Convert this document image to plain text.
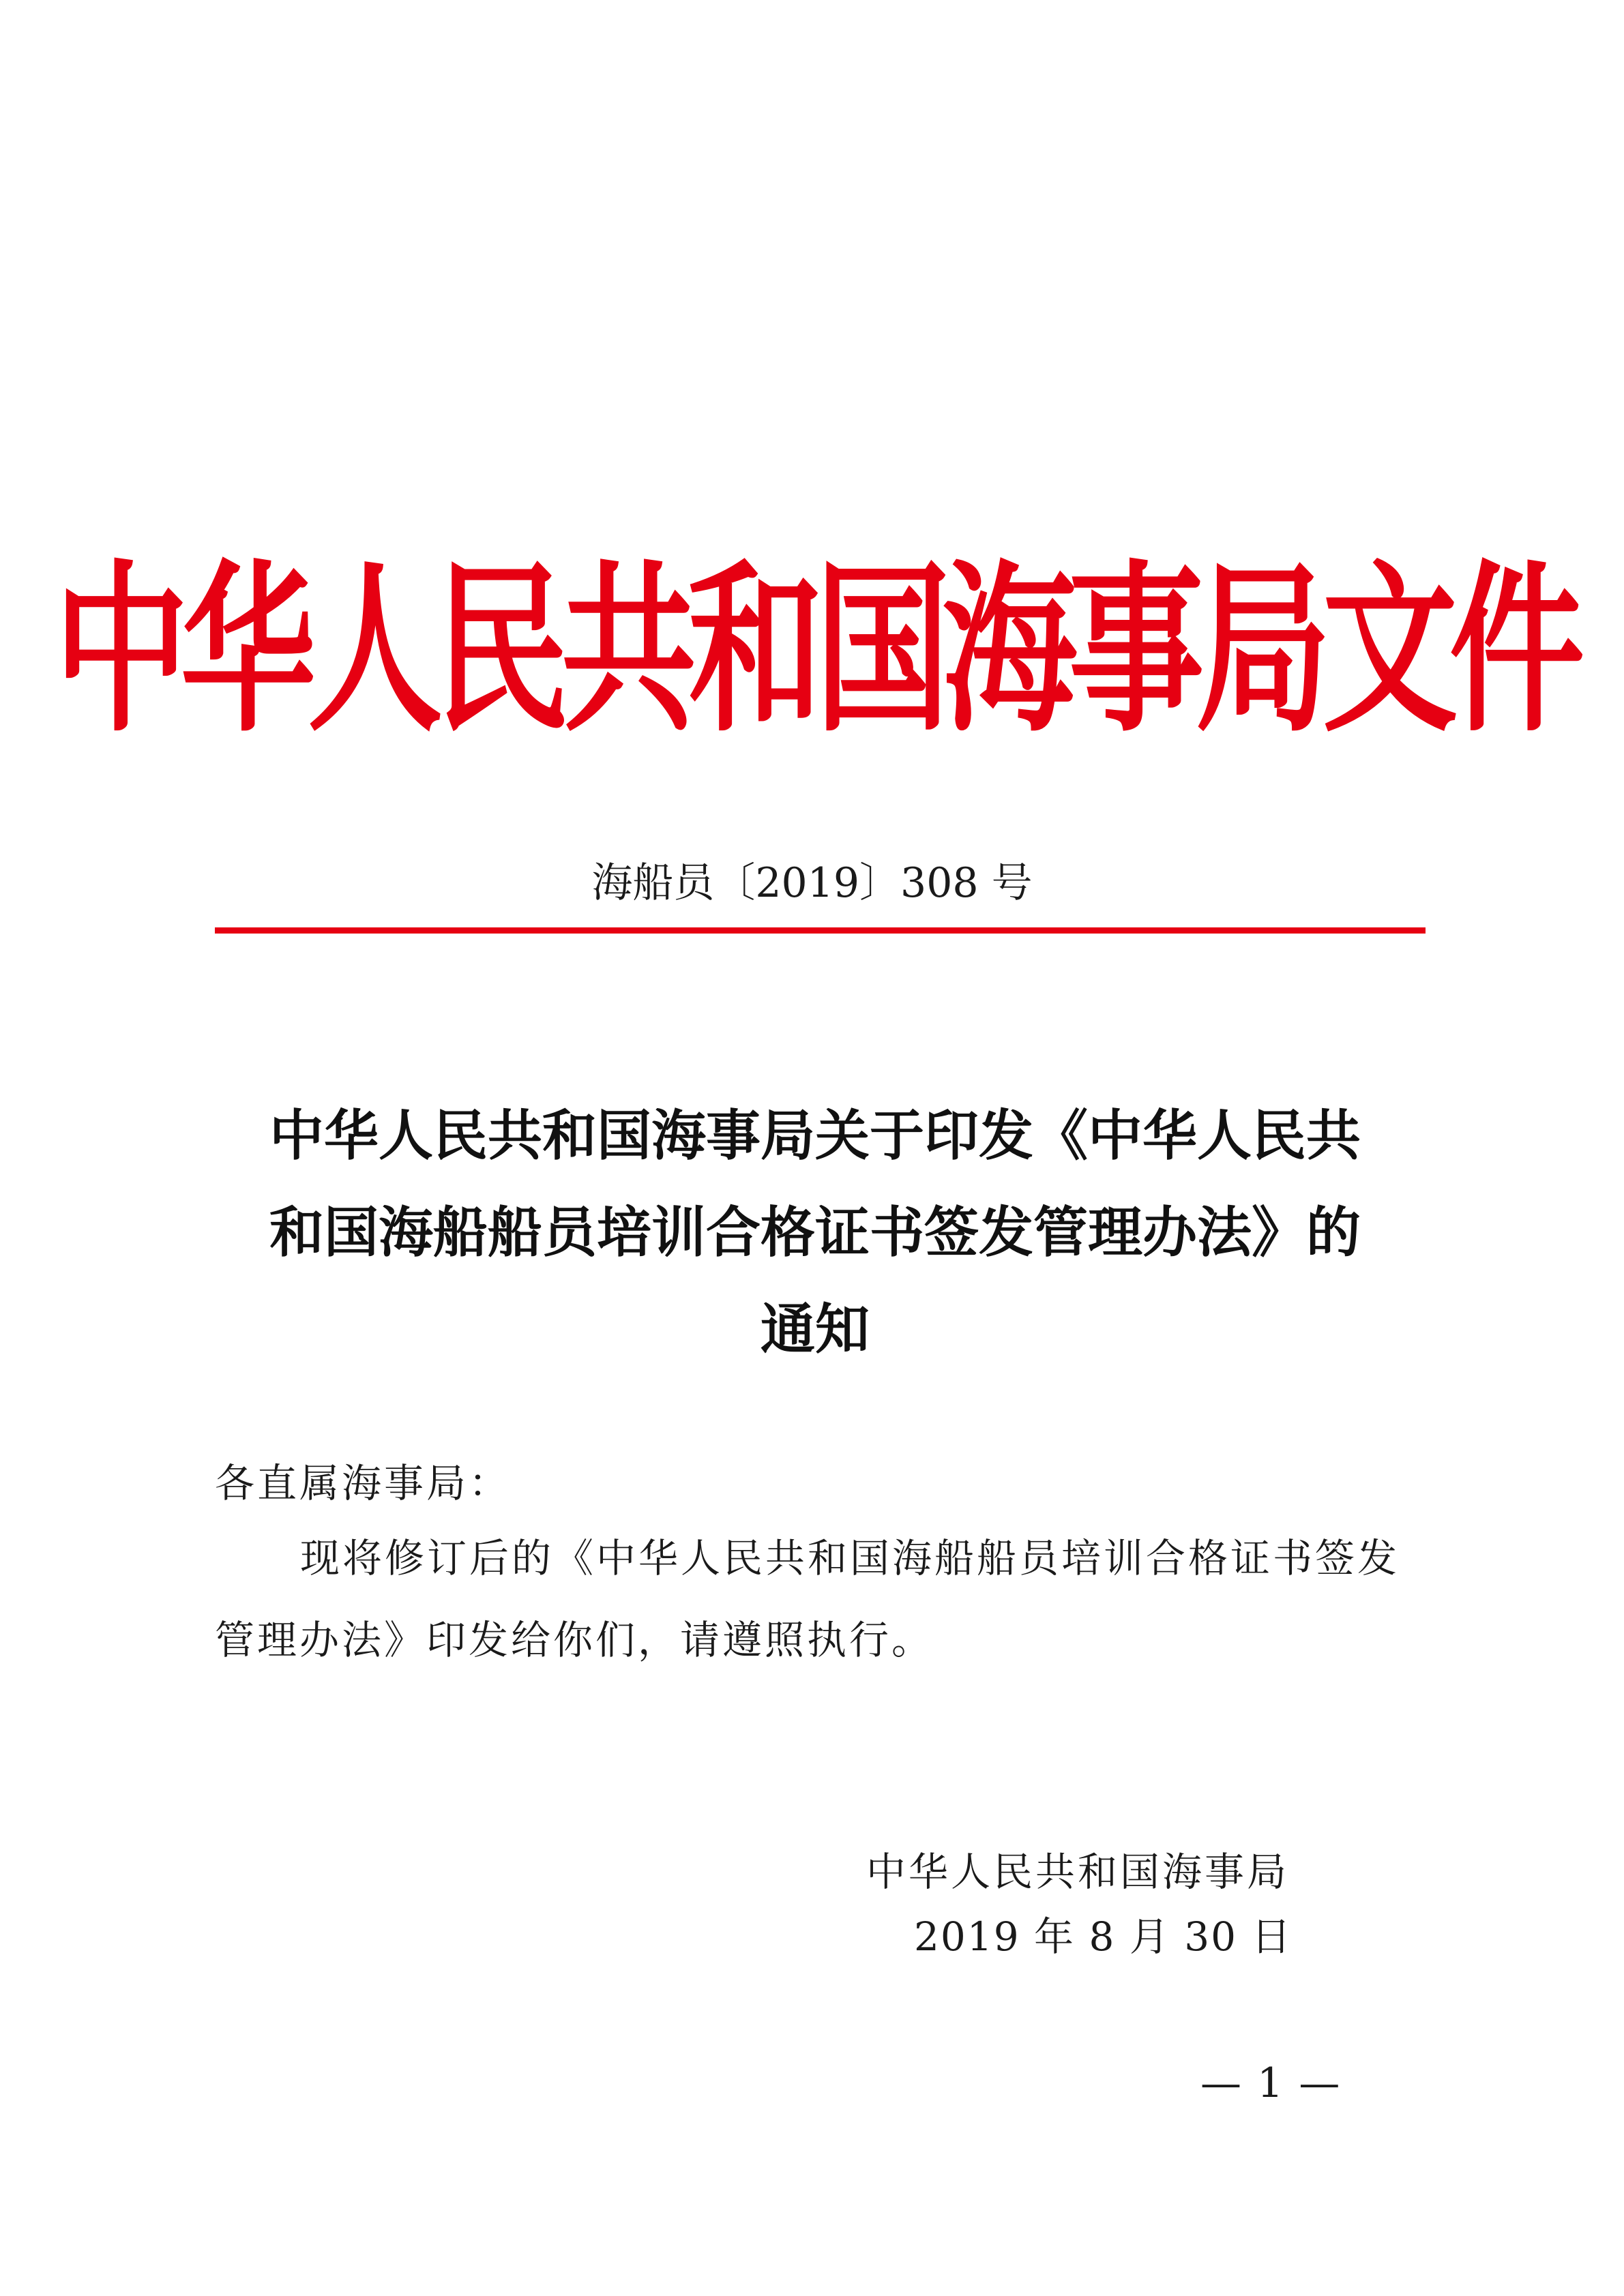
中华人民共和国海事局文件
海船员〔2019〕308 号
中华人民共和国海事局关于印发《中华人民共
和国海船船员培训合格证书签发管理办法》的
通知
各直属海事局：
现将修订后的《中华人民共和国海船船员培训合格证书签发
管理办法》印发给你们，请遵照执行。
中华人民共和国海事局
2019 年 8 月 30 日
— 1 —
